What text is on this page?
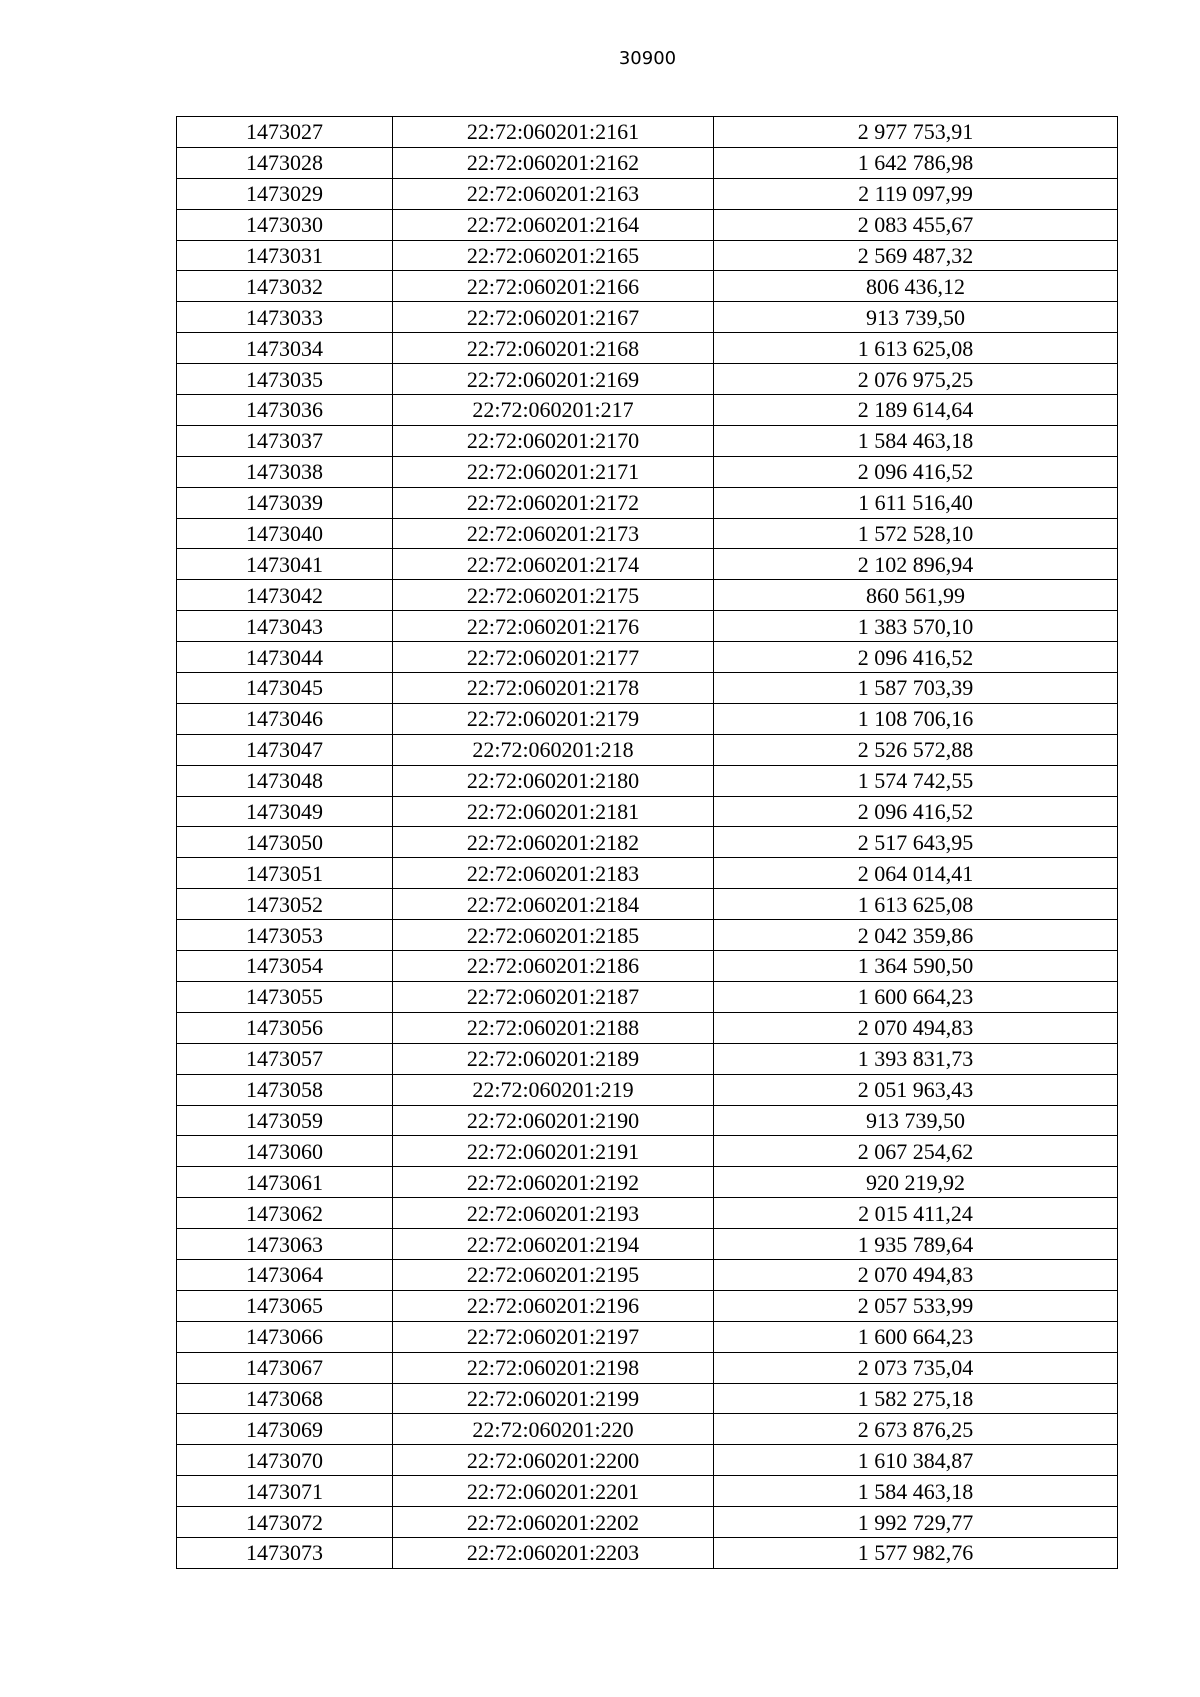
30900
1473027	22:72:060201:2161	2 977 753,91
1473028	22:72:060201:2162	1 642 786,98
1473029	22:72:060201:2163	2 119 097,99
1473030	22:72:060201:2164	2 083 455,67
1473031	22:72:060201:2165	2 569 487,32
1473032	22:72:060201:2166	806 436,12
1473033	22:72:060201:2167	913 739,50
1473034	22:72:060201:2168	1 613 625,08
1473035	22:72:060201:2169	2 076 975,25
1473036	22:72:060201:217	2 189 614,64
1473037	22:72:060201:2170	1 584 463,18
1473038	22:72:060201:2171	2 096 416,52
1473039	22:72:060201:2172	1 611 516,40
1473040	22:72:060201:2173	1 572 528,10
1473041	22:72:060201:2174	2 102 896,94
1473042	22:72:060201:2175	860 561,99
1473043	22:72:060201:2176	1 383 570,10
1473044	22:72:060201:2177	2 096 416,52
1473045	22:72:060201:2178	1 587 703,39
1473046	22:72:060201:2179	1 108 706,16
1473047	22:72:060201:218	2 526 572,88
1473048	22:72:060201:2180	1 574 742,55
1473049	22:72:060201:2181	2 096 416,52
1473050	22:72:060201:2182	2 517 643,95
1473051	22:72:060201:2183	2 064 014,41
1473052	22:72:060201:2184	1 613 625,08
1473053	22:72:060201:2185	2 042 359,86
1473054	22:72:060201:2186	1 364 590,50
1473055	22:72:060201:2187	1 600 664,23
1473056	22:72:060201:2188	2 070 494,83
1473057	22:72:060201:2189	1 393 831,73
1473058	22:72:060201:219	2 051 963,43
1473059	22:72:060201:2190	913 739,50
1473060	22:72:060201:2191	2 067 254,62
1473061	22:72:060201:2192	920 219,92
1473062	22:72:060201:2193	2 015 411,24
1473063	22:72:060201:2194	1 935 789,64
1473064	22:72:060201:2195	2 070 494,83
1473065	22:72:060201:2196	2 057 533,99
1473066	22:72:060201:2197	1 600 664,23
1473067	22:72:060201:2198	2 073 735,04
1473068	22:72:060201:2199	1 582 275,18
1473069	22:72:060201:220	2 673 876,25
1473070	22:72:060201:2200	1 610 384,87
1473071	22:72:060201:2201	1 584 463,18
1473072	22:72:060201:2202	1 992 729,77
1473073	22:72:060201:2203	1 577 982,76
